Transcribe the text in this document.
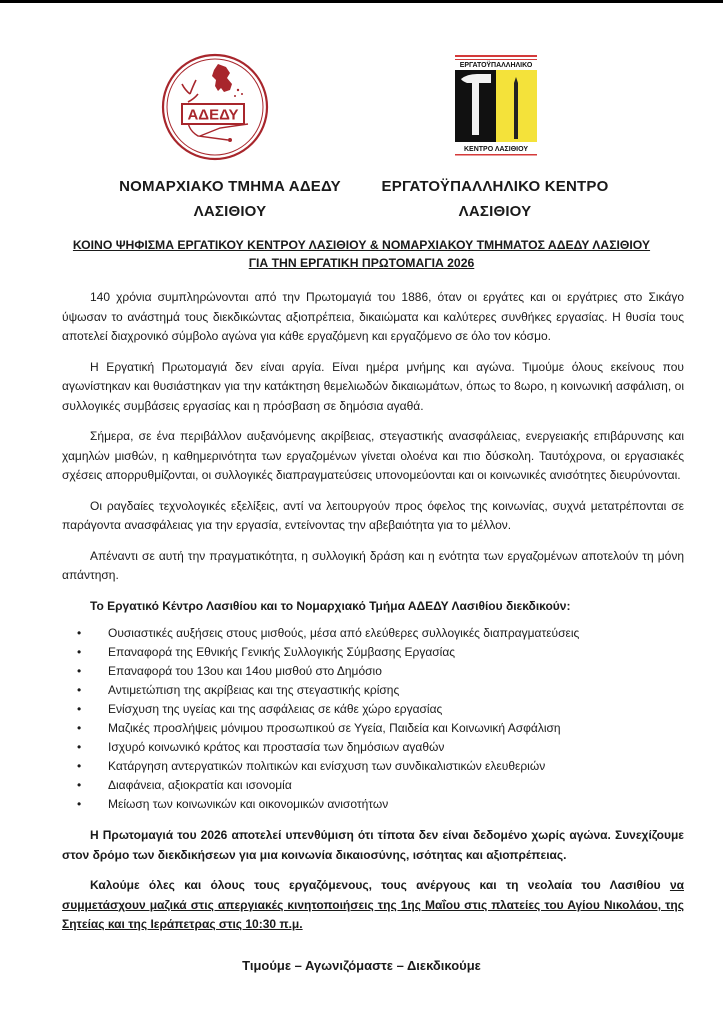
ΑΔΕΔΥ
ΕΡΓΑΤΟΫΠΑΛΛΗΛΙΚΟ
ΚΕΝΤΡΟ ΛΑΣΙΘΙΟΥ
ΝΟΜΑΡΧΙΑΚΟ ΤΜΗΜΑ ΑΔΕΔΥ
ΛΑΣΙΘΙΟΥ
ΕΡΓΑΤΟΫΠΑΛΛΗΛΙΚΟ ΚΕΝΤΡΟ
ΛΑΣΙΘΙΟΥ
ΚΟΙΝΟ ΨΗΦΙΣΜΑ ΕΡΓΑΤΙΚΟΥ ΚΕΝΤΡΟΥ ΛΑΣΙΘΙΟΥ & ΝΟΜΑΡΧΙΑΚΟΥ ΤΜΗΜΑΤΟΣ ΑΔΕΔΥ ΛΑΣΙΘΙΟΥ
ΓΙΑ ΤΗΝ ΕΡΓΑΤΙΚΗ ΠΡΩΤΟΜΑΓΙΑ 2026

140 χρόνια συμπληρώνονται από την Πρωτομαγιά του 1886, όταν οι εργάτες και οι εργάτριες στο Σικάγο ύψωσαν το ανάστημά τους διεκδικώντας αξιοπρέπεια, δικαιώματα και καλύτερες συνθήκες εργασίας. Η θυσία τους αποτελεί διαχρονικό σύμβολο αγώνα για κάθε εργαζόμενη και εργαζόμενο σε όλο τον κόσμο.

Η Εργατική Πρωτομαγιά δεν είναι αργία. Είναι ημέρα μνήμης και αγώνα. Τιμούμε όλους εκείνους που αγωνίστηκαν και θυσιάστηκαν για την κατάκτηση θεμελιωδών δικαιωμάτων, όπως το 8ωρο, η κοινωνική ασφάλιση, οι συλλογικές συμβάσεις εργασίας και η πρόσβαση σε δημόσια αγαθά.

Σήμερα, σε ένα περιβάλλον αυξανόμενης ακρίβειας, στεγαστικής ανασφάλειας, ενεργειακής επιβάρυνσης και χαμηλών μισθών, η καθημερινότητα των εργαζομένων γίνεται ολοένα και πιο δύσκολη. Ταυτόχρονα, οι εργασιακές σχέσεις απορρυθμίζονται, οι συλλογικές διαπραγματεύσεις υπονομεύονται και οι κοινωνικές ανισότητες διευρύνονται.

Οι ραγδαίες τεχνολογικές εξελίξεις, αντί να λειτουργούν προς όφελος της κοινωνίας, συχνά μετατρέπονται σε παράγοντα ανασφάλειας για την εργασία, εντείνοντας την αβεβαιότητα για το μέλλον.

Απέναντι σε αυτή την πραγματικότητα, η συλλογική δράση και η ενότητα των εργαζομένων αποτελούν τη μόνη απάντηση.

Το Εργατικό Κέντρο Λασιθίου και το Νομαρχιακό Τμήμα ΑΔΕΔΥ Λασιθίου διεκδικούν:

• Ουσιαστικές αυξήσεις στους μισθούς, μέσα από ελεύθερες συλλογικές διαπραγματεύσεις
• Επαναφορά της Εθνικής Γενικής Συλλογικής Σύμβασης Εργασίας
• Επαναφορά του 13ου και 14ου μισθού στο Δημόσιο
• Αντιμετώπιση της ακρίβειας και της στεγαστικής κρίσης
• Ενίσχυση της υγείας και της ασφάλειας σε κάθε χώρο εργασίας
• Μαζικές προσλήψεις μόνιμου προσωπικού σε Υγεία, Παιδεία και Κοινωνική Ασφάλιση
• Ισχυρό κοινωνικό κράτος και προστασία των δημόσιων αγαθών
• Κατάργηση αντεργατικών πολιτικών και ενίσχυση των συνδικαλιστικών ελευθεριών
• Διαφάνεια, αξιοκρατία και ισονομία
• Μείωση των κοινωνικών και οικονομικών ανισοτήτων

Η Πρωτομαγιά του 2026 αποτελεί υπενθύμιση ότι τίποτα δεν είναι δεδομένο χωρίς αγώνα. Συνεχίζουμε στον δρόμο των διεκδικήσεων για μια κοινωνία δικαιοσύνης, ισότητας και αξιοπρέπειας.

Καλούμε όλες και όλους τους εργαζόμενους, τους ανέργους και τη νεολαία του Λασιθίου να συμμετάσχουν μαζικά στις απεργιακές κινητοποιήσεις της 1ης Μαΐου στις πλατείες του Αγίου Νικολάου, της Σητείας και της Ιεράπετρας στις 10:30 π.μ.

Τιμούμε – Αγωνιζόμαστε – Διεκδικούμε
